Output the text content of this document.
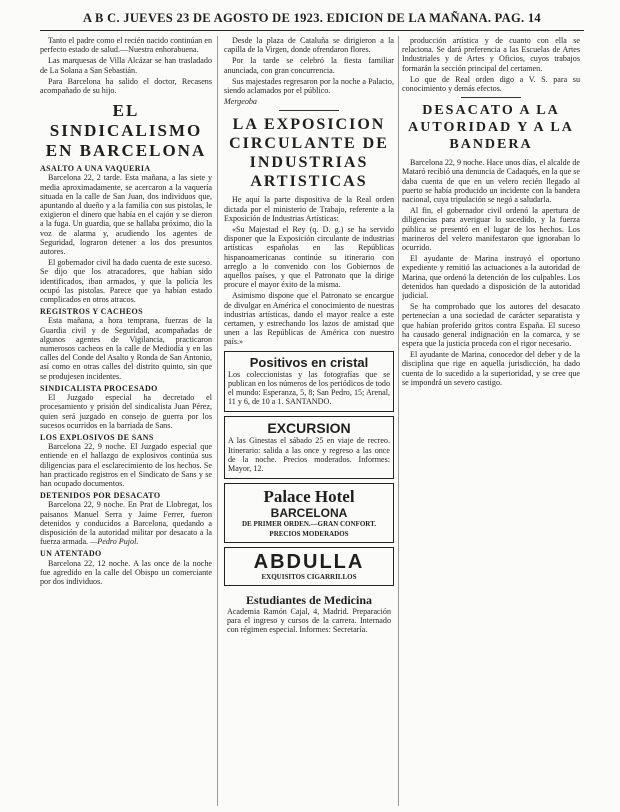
A B C. JUEVES 23 DE AGOSTO DE 1923. EDICION DE LA MAÑANA. PAG. 14

Tanto el padre como el recién nacido continúan en perfecto estado de salud.—Nuestra enhorabuena.

Las marquesas de Villa Alcázar se han trasladado de La Solana a San Sebastián.

Para Barcelona ha salido el doctor, Recasens acompañado de su hijo.

EL SINDICALISMO EN BARCELONA
ASALTO A UNA VAQUERIA

Barcelona 22, 2 tarde. Esta mañana, a las siete y media aproximadamente, se acercaron a la vaquería situada en la calle de San Juan, dos individuos que, apuntando al dueño y a la familia con sus pistolas, le exigieron el dinero que había en el cajón y se dieron a la fuga. Un guardia, que se hallaba próximo, dio la voz de alarma y, acudiendo los agentes de Seguridad, lograron detener a los dos presuntos autores.

El gobernador civil ha dado cuenta de este suceso. Se dijo que los atracadores, que habían sido identificados, iban armados, y que la policía les ocupó las pistolas. Parece que ya habían estado complicados en otros atracos.

REGISTROS Y CACHEOS

Esta mañana, a hora temprana, fuerzas de la Guardia civil y de Seguridad, acompañadas de algunos agentes de Vigilancia, practicaron numerosos cacheos en la calle de Mediodía y en las calles del Conde del Asalto y Ronda de San Antonio, así como en otras calles del distrito quinto, sin que se produjesen incidentes.

SINDICALISTA PROCESADO

El Juzgado especial ha decretado el procesamiento y prisión del sindicalista Juan Pérez, quien será juzgado en consejo de guerra por los sucesos ocurridos en la barriada de Sans.

LOS EXPLOSIVOS DE SANS

Barcelona 22, 9 noche. El Juzgado especial que entiende en el hallazgo de explosivos continúa sus diligencias para el esclarecimiento de los hechos. Se han practicado registros en el Sindicato de Sans y se han ocupado documentos.

DETENIDOS POR DESACATO

Barcelona 22, 9 noche. En Prat de Llobregat, los paisanos Manuel Serra y Jaime Ferrer, fueron detenidos y conducidos a Barcelona, quedando a disposición de la autoridad militar por desacato a la fuerza armada. —Pedro Pujol.

UN ATENTADO

Barcelona 22, 12 noche. A las once de la noche fue agredido en la calle del Obispo un comerciante por dos individuos.

Desde la plaza de Cataluña se dirigieron a la capilla de la Virgen, donde ofrendaron flores.

Por la tarde se celebró la fiesta familiar anunciada, con gran concurrencia.

Sus majestades regresaron por la noche a Palacio, siendo aclamados por el público.

Mergeoba

LA EXPOSICION CIRCULANTE DE INDUSTRIAS ARTISTICAS

He aquí la parte dispositiva de la Real orden dictada por el ministerio de Trabajo, referente a la Exposición de Industrias Artísticas:

«Su Majestad el Rey (q. D. g.) se ha servido disponer que la Exposición circulante de industrias artísticas españolas en las Repúblicas hispanoamericanas continúe su itinerario con arreglo a lo convenido con los Gobiernos de aquellos países, y que el Patronato que la dirige procure el mayor éxito de la misma.

Asimismo dispone que el Patronato se encargue de divulgar en América el conocimiento de nuestras industrias artísticas, dando el mayor realce a este certamen, y estrechando los lazos de amistad que unen a las Repúblicas de América con nuestro país.»

Positivos en cristal

Los coleccionistas y las fotografías que se publican en los números de los periódicos de todo el mundo: Esperanza, 5, 8; San Pedro, 15; Arenal, 11 y 6, de 10 a 1. SANTANDO.

EXCURSION

A las Ginestas el sábado 25 en viaje de recreo. Itinerario: salida a las once y regreso a las once de la noche. Precios moderados. Informes: Mayor, 12.

Palace Hotel
BARCELONA
DE PRIMER ORDEN.—GRAN CONFORT. PRECIOS MODERADOS
ABDULLA
EXQUISITOS CIGARRILLOS
Estudiantes de Medicina

Academia Ramón Cajal, 4, Madrid. Preparación para el ingreso y cursos de la carrera. Internado con régimen especial. Informes: Secretaría.

producción artística y de cuanto con ella se relaciona. Se dará preferencia a las Escuelas de Artes Industriales y de Artes y Oficios, cuyos trabajos formarán la sección principal del certamen.

Lo que de Real orden digo a V. S. para su conocimiento y demás efectos.

DESACATO A LA AUTORIDAD Y A LA BANDERA

Barcelona 22, 9 noche. Hace unos días, el alcalde de Mataró recibió una denuncia de Cadaqués, en la que se daba cuenta de que en un velero recién llegado al puerto se había producido un incidente con la bandera nacional, cuya tripulación se negó a saludarla.

Al fin, el gobernador civil ordenó la apertura de diligencias para averiguar lo sucedido, y la fuerza pública se presentó en el lugar de los hechos. Los marineros del velero manifestaron que ignoraban lo ocurrido.

El ayudante de Marina instruyó el oportuno expediente y remitió las actuaciones a la autoridad de Marina, que ordenó la detención de los culpables. Los detenidos han quedado a disposición de la autoridad judicial.

Se ha comprobado que los autores del desacato pertenecían a una sociedad de carácter separatista y que habían proferido gritos contra España. El suceso ha causado general indignación en la comarca, y se espera que la justicia proceda con el rigor necesario.

El ayudante de Marina, conocedor del deber y de la disciplina que rige en aquella jurisdicción, ha dado cuenta de lo sucedido a la superioridad, y se cree que se impondrá un severo castigo.
